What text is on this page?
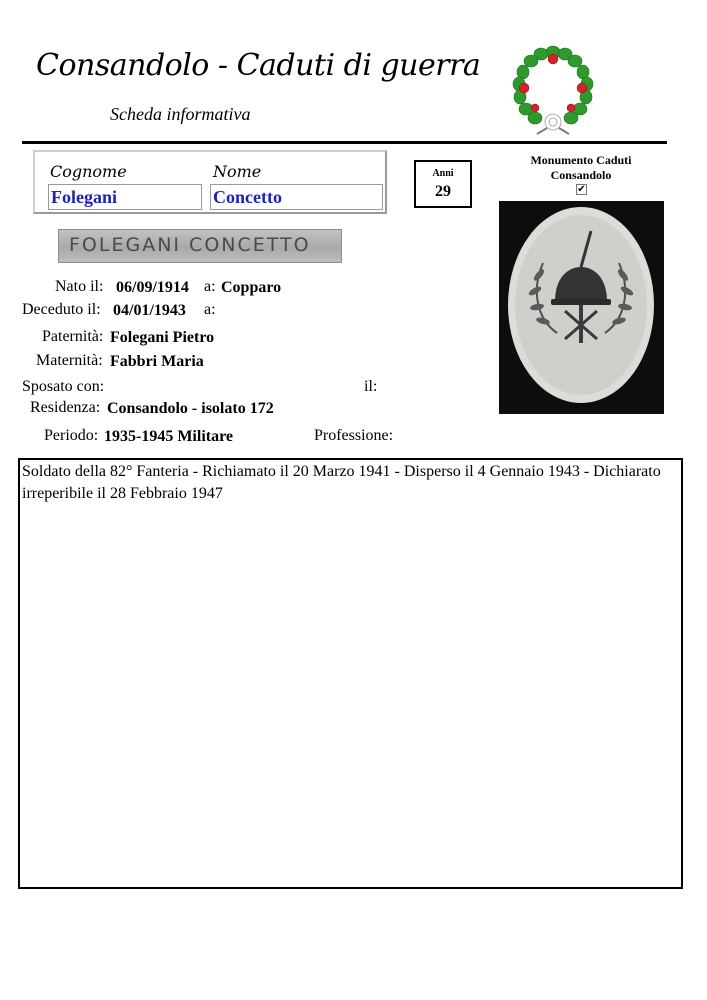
Consandolo - Caduti di guerra
Scheda informativa
Cognome	Nome
Folegani	Concetto
Anni
29
Monumento Caduti Consandolo
✔
FOLEGANI CONCETTO
Nato il: 06/09/1914 a: Copparo
Deceduto il: 04/01/1943 a:
Paternità: Folegani Pietro
Maternità: Fabbri Maria
Sposato con:	il:
Residenza: Consandolo - isolato 172
Periodo: 1935-1945 Militare	Professione:
Soldato della 82° Fanteria - Richiamato il 20 Marzo 1941 - Disperso il 4 Gennaio 1943 - Dichiarato irreperibile il 28 Febbraio 1947
